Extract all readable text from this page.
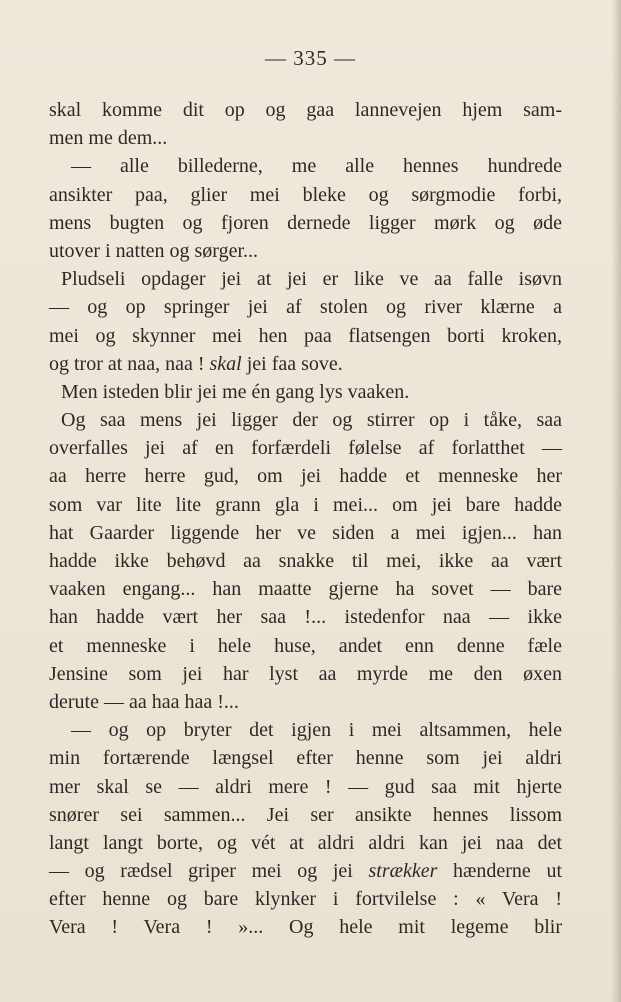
— 335 —
skal komme dit op og gaa lannevejen hjem sam-
men me dem...
— alle billederne, me alle hennes hundrede
ansikter paa, glier mei bleke og sørgmodie forbi,
mens bugten og fjoren dernede ligger mørk og øde
utover i natten og sørger...
Pludseli opdager jei at jei er like ve aa falle isøvn
— og op springer jei af stolen og river klærne a
mei og skynner mei hen paa flatsengen borti kroken,
og tror at naa, naa ! skal jei faa sove.
Men isteden blir jei me én gang lys vaaken.
Og saa mens jei ligger der og stirrer op i tåke, saa
overfalles jei af en forfærdeli følelse af forlatthet —
aa herre herre gud, om jei hadde et menneske her
som var lite lite grann gla i mei... om jei bare hadde
hat Gaarder liggende her ve siden a mei igjen... han
hadde ikke behøvd aa snakke til mei, ikke aa vært
vaaken engang... han maatte gjerne ha sovet — bare
han hadde vært her saa !... istedenfor naa — ikke
et menneske i hele huse, andet enn denne fæle
Jensine som jei har lyst aa myrde me den øxen
derute — aa haa haa !...
— og op bryter det igjen i mei altsammen, hele
min fortærende længsel efter henne som jei aldri
mer skal se — aldri mere ! — gud saa mit hjerte
snører sei sammen... Jei ser ansikte hennes lissom
langt langt borte, og vét at aldri aldri kan jei naa det
— og rædsel griper mei og jei strækker hænderne ut
efter henne og bare klynker i fortvilelse : « Vera !
Vera ! Vera ! »... Og hele mit legeme blir
